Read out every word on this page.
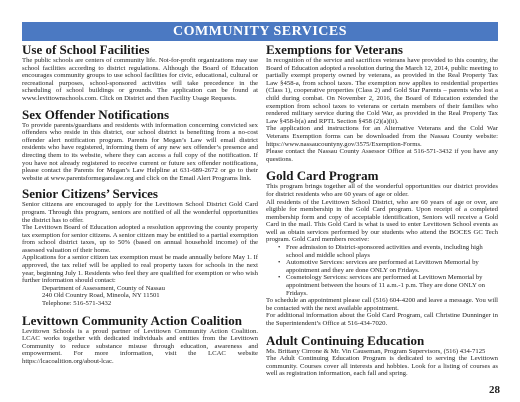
COMMUNITY SERVICES
Use of School Facilities

The public schools are centers of community life. Not-for-profit organizations may use school facilities according to district regulations. Although the Board of Education encourages community groups to use school facilities for civic, educational, cultural or recreational purposes, school-sponsored activities will take precedence in the scheduling of school buildings or grounds. The application can be found at www.levittownschools.com. Click on District and then Facility Usage Requests.

Sex Offender Notifications

To provide parents/guardians and residents with information concerning convicted sex offenders who reside in this district, our school district is benefiting from a no-cost offender alert notification program. Parents for Megan’s Law will email district residents who have registered, informing them of any new sex offender’s presence and directing them to its website, where they can access a full copy of the notification. If you have not already registered to receive current or future sex offender notifications, please contact the Parents for Megan’s Law Helpline at 631-689-2672 or go to their website at www.parentsformeganslaw.org and click on the Email Alert Programs link.

Senior Citizens’ Services

Senior citizens are encouraged to apply for the Levittown School District Gold Card program. Through this program, seniors are notified of all the wonderful opportunities the district has to offer.

The Levittown Board of Education adopted a resolution approving the county property tax exemption for senior citizens. A senior citizen may be entitled to a partial exemption from school district taxes, up to 50% (based on annual household income) of the assessed valuation of their home.

Applications for a senior citizen tax exemption must be made annually before May 1. If approved, the tax relief will be applied to real property taxes for schools in the next year, beginning July 1. Residents who feel they are qualified for exemption or who wish further information should contact:

Department of Assessment, County of Nassau

240 Old Country Road, Mineola, NY 11501

Telephone: 516-571-3432

Levittown Community Action Coalition

Levittown Schools is a proud partner of Levittown Community Action Coalition. LCAC works together with dedicated individuals and entities from the Levittown Community to reduce substance misuse through education, awareness and empowerment. For more information, visit the LCAC website https://lcacoalition.org/about-lcac.

Exemptions for Veterans

In recognition of the service and sacrifices veterans have provided to this country, the Board of Education adopted a resolution during the March 12, 2014, public meeting to partially exempt property owned by veterans, as provided in the Real Property Tax Law §458-a, from school taxes. The exemption now applies to residential properties (Class 1), cooperative properties (Class 2) and Gold Star Parents – parents who lost a child during combat. On November 2, 2016, the Board of Education extended the exemption from school taxes to veterans or certain members of their families who rendered military service during the Cold War, as provided in the Real Property Tax Law §458-b(a) and RPTL Section §458 (2)(a)(ii).

The application and instructions for an Alternative Veterans and the Cold War Veterans Exemption forms can be downloaded from the Nassau County website: https://www.nassaucountyny.gov/3575/Exemption-Forms.

Please contact the Nassau County Assessor Office at 516-571-3432 if you have any questions.

Gold Card Program

This program brings together all of the wonderful opportunities our district provides for district residents who are 60 years of age or older.

All residents of the Levittown School District, who are 60 years of age or over, are eligible for membership in the Gold Card program. Upon receipt of a completed membership form and copy of acceptable identification, Seniors will receive a Gold Card in the mail. This Gold Card is what is used to enter Levittown School events as well as obtain services performed by our students who attend the BOCES GC Tech program. Gold Card members receive:

• Free admission to District-sponsored activities and events, including high school and middle school plays
• Automotive Services: services are performed at Levittown Memorial by appointment and they are done ONLY on Fridays.
• Cosmetology Services: services are performed at Levittown Memorial by appointment between the hours of 11 a.m.-1 p.m. They are done ONLY on Fridays.

To schedule an appointment please call (516) 604-4200 and leave a message. You will be contacted with the next available appointment.

For additional information about the Gold Card Program, call Christine Dunninger in the Superintendent’s Office at 516-434-7020.

Adult Continuing Education

Ms. Brittany Cirrone & Mr. Vin Causeman, Program Supervisors, (516) 434-7125

The Adult Continuing Education Program is dedicated to serving the Levittown community. Courses cover all interests and hobbies. Look for a listing of courses as well as registration information, each fall and spring.

28
